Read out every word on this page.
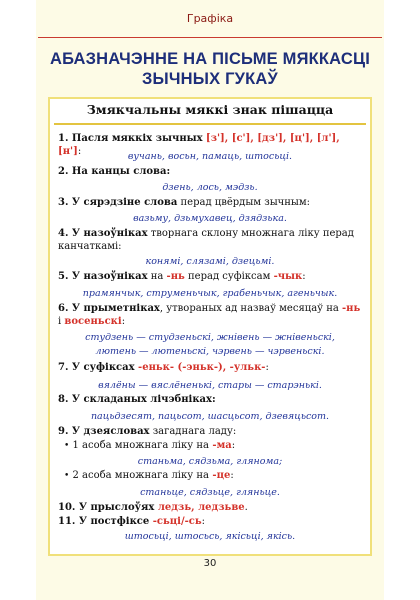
Графіка
АБАЗНАЧЭННЕ НА ПІСЬМЕ МЯККАСЦІ
ЗЫЧНЫХ ГУКАЎ
Змякчальны мяккі знак пішацца
1. Пасля мяккіх зычных [з'], [с'], [дз'], [ц'], [л'], [н']:	вучань, восьн, памаць, штосьці.
2. На канцы слова:
дзень, лось, мэдзь.
3. У сярэдзіне слова перад цвёрдым зычным:
вазьму, дзьмухавец, дзядзька.
4. У назоўніках творнага склону множнага ліку перад канчаткамі:
конямі, слязамі, дзецьмі.
5. У назоўніках на -нь перад суфіксам -чык:
прамянчык, струменьчык, грабеньчык, агеньчык.
6. У прыметніках, утвораных ад назваў месяцаў на -нь і восеньскі:
студзень — студзеньскі, жнівень — жнівеньскі,
лютень — лютеньскі, чэрвень — чэрвеньскі.
7. У суфіксах -еньк- (-эньк-), -ульк-:
вялёны — вяслёненькі, стары — старэнькі.
8. У складаных лічэбніках:
пацьдзесят, пацьсот, шасцьсот, дзевяцьсот.
9. У дзеясловах загаднага ладу:
• 1 асоба множнага ліку на -ма:
станьма, сядзьма, глянома;
• 2 асоба множнага ліку на -це:
станьце, сядзьце, гляньце.
10. У прыслоўях ледзь, ледзьве.
11. У постфіксе -сьці/-сь:
штосьці, штосьсь, якісьці, якісь.
30
